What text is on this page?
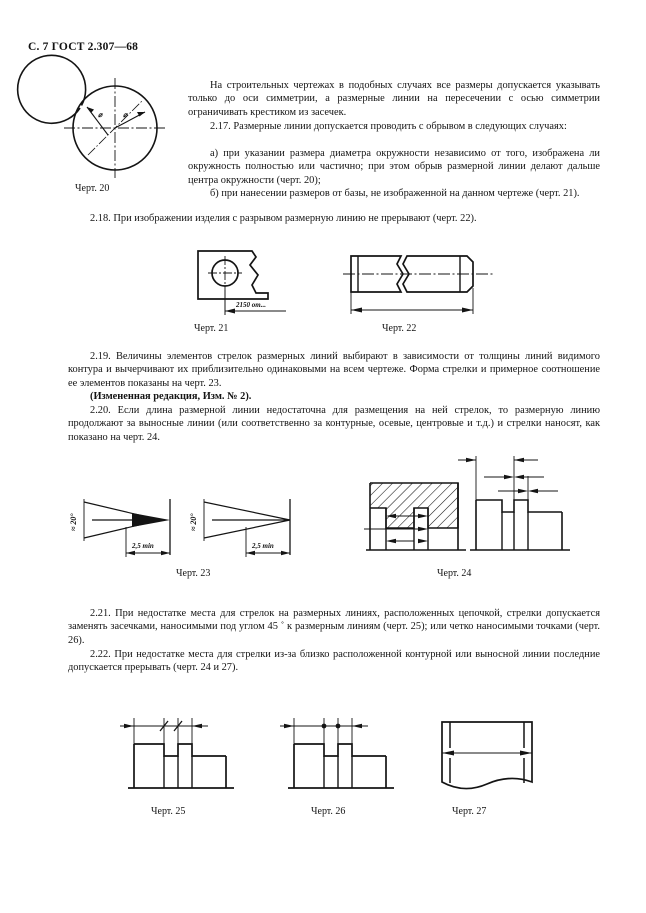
С. 7 ГОСТ 2.307—68
⌀	⌀
Черт. 20
На строительных чертежах в подобных случаях все размеры допускается указывать только до оси симметрии, а размерные линии на пересечении с осью симметрии ограничивать крестиком из засечек.
2.17. Размерные линии допускается проводить с обрывом в следующих случаях:
а) при указании размера диаметра окружности независимо от того, изображена ли окружность полностью или частично; при этом обрыв размерной линии делают дальше центра окружности (черт. 20);
б) при нанесении размеров от базы, не изображенной на данном чертеже (черт. 21).
2.18. При изображении изделия с разрывом размерную линию не прерывают (черт. 22).
2150 от...
Черт. 21	Черт. 22
2.19. Величины элементов стрелок размерных линий выбирают в зависимости от толщины линий видимого контура и вычерчивают их приблизительно одинаковыми на всем чертеже. Форма стрелки и примерное соотношение ее элементов показаны на черт. 23.
(Измененная редакция, Изм. № 2).
2.20. Если длина размерной линии недостаточна для размещения на ней стрелок, то размерную линию продолжают за выносные линии (или соответственно за контурные, осевые, центровые и т.д.) и стрелки наносят, как показано на черт. 24.
≈ 20°
2,5 min
≈ 20°
2,5 min
Черт. 23	Черт. 24
2.21. При недостатке места для стрелок на размерных линиях, расположенных цепочкой, стрелки допускается заменять засечками, наносимыми под углом 45 ˚ к размерным линиям (черт. 25); или четко наносимыми точками (черт. 26).
2.22. При недостатке места для стрелки из-за близко расположенной контурной или выносной линии последние допускается прерывать (черт. 24 и 27).
Черт. 25	Черт. 26	Черт. 27
